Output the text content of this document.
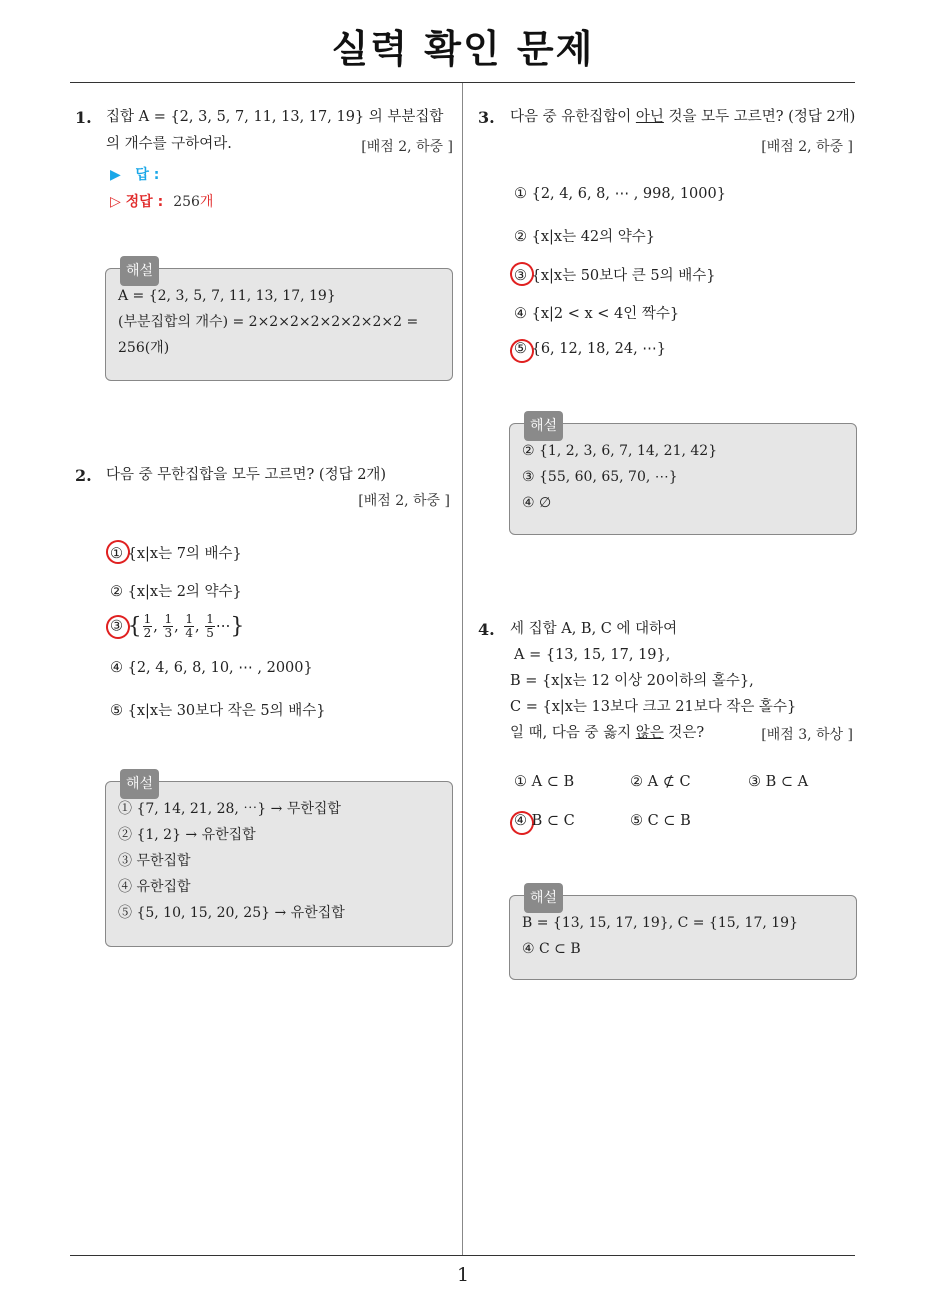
실력 확인 문제
1. 집합 A = {2, 3, 5, 7, 11, 13, 17, 19} 의 부분집합의 개수를 구하여라.	[배점 2, 하중 ]
▶ 답 :
▷ 정답 : 256개
해설
A = {2, 3, 5, 7, 11, 13, 17, 19}
(부분집합의 개수) = 2×2×2×2×2×2×2×2 =
256(개)
2. 다음 중 무한집합을 모두 고르면? (정답 2개)
[배점 2, 하중 ]
① {x|x는 7의 배수}
② {x|x는 2의 약수}
③ { $\frac{1}{2}$ , $\frac{1}{3}$ , $\frac{1}{4}$ , $\frac{1}{5}$ ⋯}
④ {2, 4, 6, 8, 10, ⋯ , 2000}
⑤ {x|x는 30보다 작은 5의 배수}
해설
① {7, 14, 21, 28, ⋯} → 무한집합
② {1, 2} → 유한집합
③ 무한집합
④ 유한집합
⑤ {5, 10, 15, 20, 25} → 유한집합
3. 다음 중 유한집합이 아닌 것을 모두 고르면? (정답 2개)
[배점 2, 하중 ]
① {2, 4, 6, 8, ⋯ , 998, 1000}
② {x|x는 42의 약수}
③ {x|x는 50보다 큰 5의 배수}
④ {x|2 < x < 4인 짝수}
⑤ {6, 12, 18, 24, ⋯}
해설
② {1, 2, 3, 6, 7, 14, 21, 42}
③ {55, 60, 65, 70, ⋯}
④ ∅
4. 세 집합 A, B, C 에 대하여
A = {13, 15, 17, 19},
B = {x|x는 12 이상 20이하의 홀수},
C = {x|x는 13보다 크고 21보다 작은 홀수}
일 때, 다음 중 옳지 않은 것은?	[배점 3, 하상 ]
① A ⊂ B	② A ⊄ C	③ B ⊂ A
④ B ⊂ C	⑤ C ⊂ B
해설
B = {13, 15, 17, 19}, C = {15, 17, 19}
④ C ⊂ B
1
